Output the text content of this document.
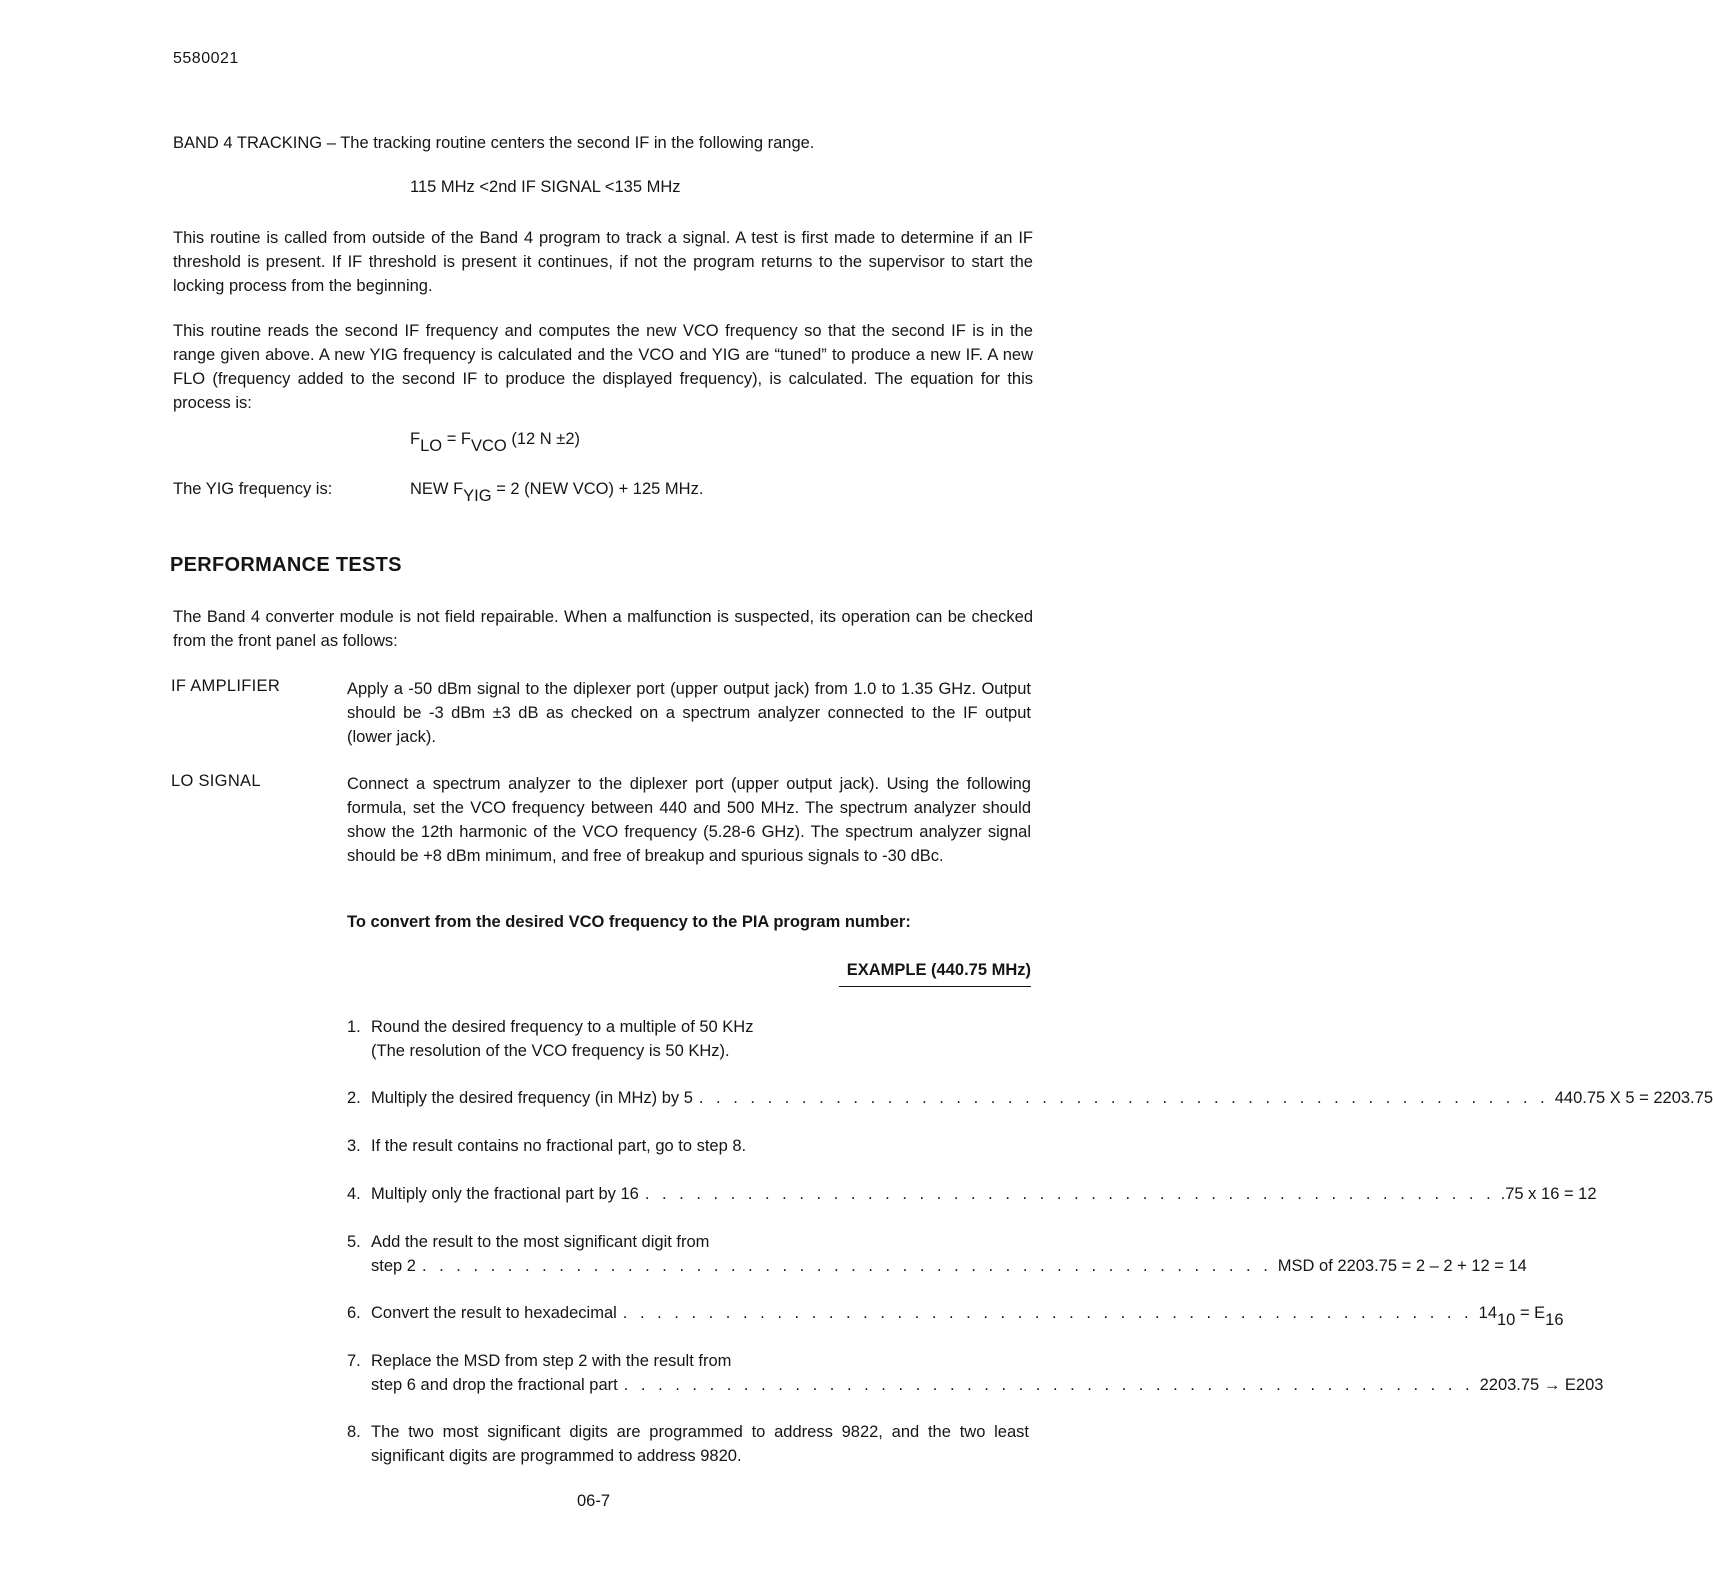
5580021
BAND 4 TRACKING – The tracking routine centers the second IF in the following range.
115 MHz <2nd IF SIGNAL <135 MHz
This routine is called from outside of the Band 4 program to track a signal. A test is first made to determine if an IF threshold is present. If IF threshold is present it continues, if not the program returns to the supervisor to start the locking process from the beginning.
This routine reads the second IF frequency and computes the new VCO frequency so that the second IF is in the range given above. A new YIG frequency is calculated and the VCO and YIG are “tuned” to produce a new IF. A new FLO (frequency added to the second IF to produce the displayed frequency), is calculated. The equation for this process is:
$F_{LO} = F_{VCO}$ (12 N ±2)
The YIG frequency is:	NEW $F_{YIG} = 2$ (NEW VCO) + 125 MHz.
PERFORMANCE TESTS
The Band 4 converter module is not field repairable. When a malfunction is suspected, its operation can be checked from the front panel as follows:
IF AMPLIFIER	Apply a -50 dBm signal to the diplexer port (upper output jack) from 1.0 to 1.35 GHz. Output should be -3 dBm ±3 dB as checked on a spectrum analyzer connected to the IF output (lower jack).
LO SIGNAL	Connect a spectrum analyzer to the diplexer port (upper output jack). Using the following formula, set the VCO frequency between 440 and 500 MHz. The spectrum analyzer should show the 12th harmonic of the VCO frequency (5.28-6 GHz). The spectrum analyzer signal should be +8 dBm minimum, and free of breakup and spurious signals to -30 dBc.
To convert from the desired VCO frequency to the PIA program number:
EXAMPLE (440.75 MHz)
1. Round the desired frequency to a multiple of 50 KHz
(The resolution of the VCO frequency is 50 KHz).
2. Multiply the desired frequency (in MHz) by 5 . . . . . . . . . . . . . . . . . . . . . . . . . . . . . . . . . . . . . . . . . . . . . . . . . . 440.75 X 5 = 2203.75
3. If the result contains no fractional part, go to step 8.
4. Multiply only the fractional part by 16 . . . . . . . . . . . . . . . . . . . . . . . . . . . . . . . . . . . . . . . . . . . . . . . . . . .75 x 16 = 12
5. Add the result to the most significant digit from
step 2 . . . . . . . . . . . . . . . . . . . . . . . . . . . . . . . . . . . . . . . . . . . . . . . . . . MSD of 2203.75 = 2 – 2 + 12 = 14
6. Convert the result to hexadecimal . . . . . . . . . . . . . . . . . . . . . . . . . . . . . . . . . . . . . . . . . . . . . . . . . . $14_{10} = E_{16}$
7. Replace the MSD from step 2 with the result from
step 6 and drop the fractional part . . . . . . . . . . . . . . . . . . . . . . . . . . . . . . . . . . . . . . . . . . . . . . . . . . 2203.75 → E203
8. The two most significant digits are programmed to address 9822, and the two least significant digits are programmed to address 9820.
06-7
